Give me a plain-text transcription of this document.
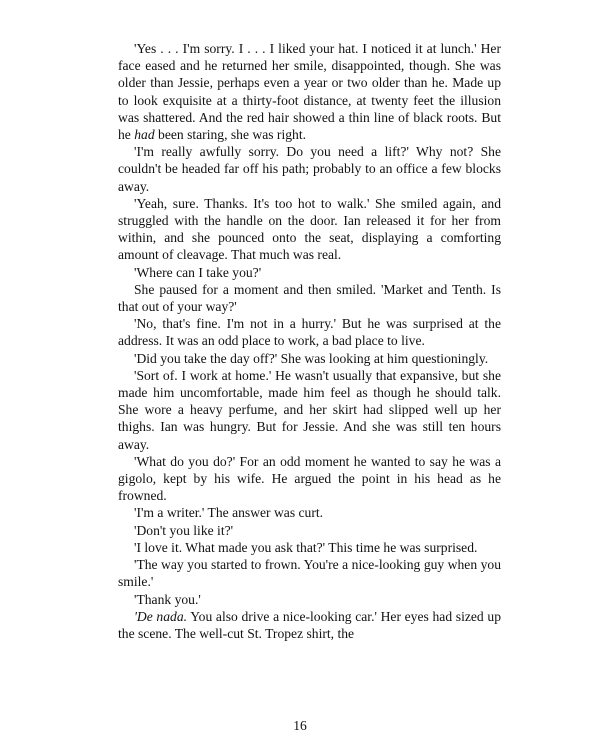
'Yes . . . I'm sorry. I . . . I liked your hat. I noticed it at lunch.' Her face eased and he returned her smile, disappointed, though. She was older than Jessie, perhaps even a year or two older than he. Made up to look exquisite at a thirty-foot distance, at twenty feet the illusion was shattered. And the red hair showed a thin line of black roots. But he had been staring, she was right.

'I'm really awfully sorry. Do you need a lift?' Why not? She couldn't be headed far off his path; probably to an office a few blocks away.

'Yeah, sure. Thanks. It's too hot to walk.' She smiled again, and struggled with the handle on the door. Ian released it for her from within, and she pounced onto the seat, displaying a comforting amount of cleavage. That much was real.

'Where can I take you?'

She paused for a moment and then smiled. 'Market and Tenth. Is that out of your way?'

'No, that's fine. I'm not in a hurry.' But he was surprised at the address. It was an odd place to work, a bad place to live.

'Did you take the day off?' She was looking at him questioningly.

'Sort of. I work at home.' He wasn't usually that expansive, but she made him uncomfortable, made him feel as though he should talk. She wore a heavy perfume, and her skirt had slipped well up her thighs. Ian was hungry. But for Jessie. And she was still ten hours away.

'What do you do?' For an odd moment he wanted to say he was a gigolo, kept by his wife. He argued the point in his head as he frowned.

'I'm a writer.' The answer was curt.

'Don't you like it?'

'I love it. What made you ask that?' This time he was surprised.

'The way you started to frown. You're a nice-looking guy when you smile.'

'Thank you.'

'De nada. You also drive a nice-looking car.' Her eyes had sized up the scene. The well-cut St. Tropez shirt, the

16
